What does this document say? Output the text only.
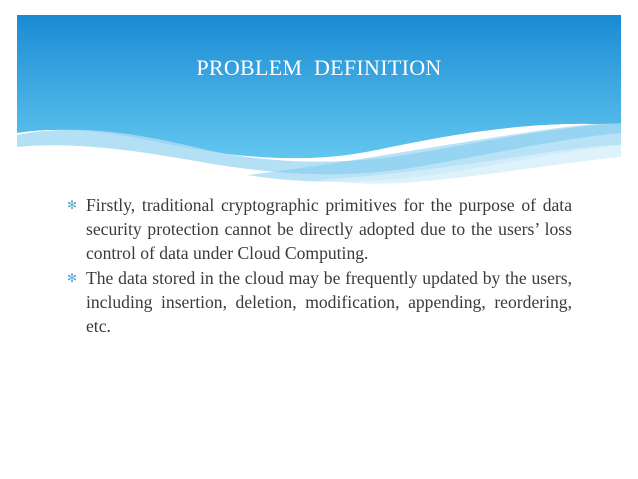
PROBLEM  DEFINITION
✻ Firstly, traditional cryptographic primitives for the purpose of data security protection cannot be directly adopted due to the users’ loss control of data under Cloud Computing.
✻ The data stored in the cloud may be frequently updated by the users, including insertion, deletion, modification, appending, reordering, etc.
